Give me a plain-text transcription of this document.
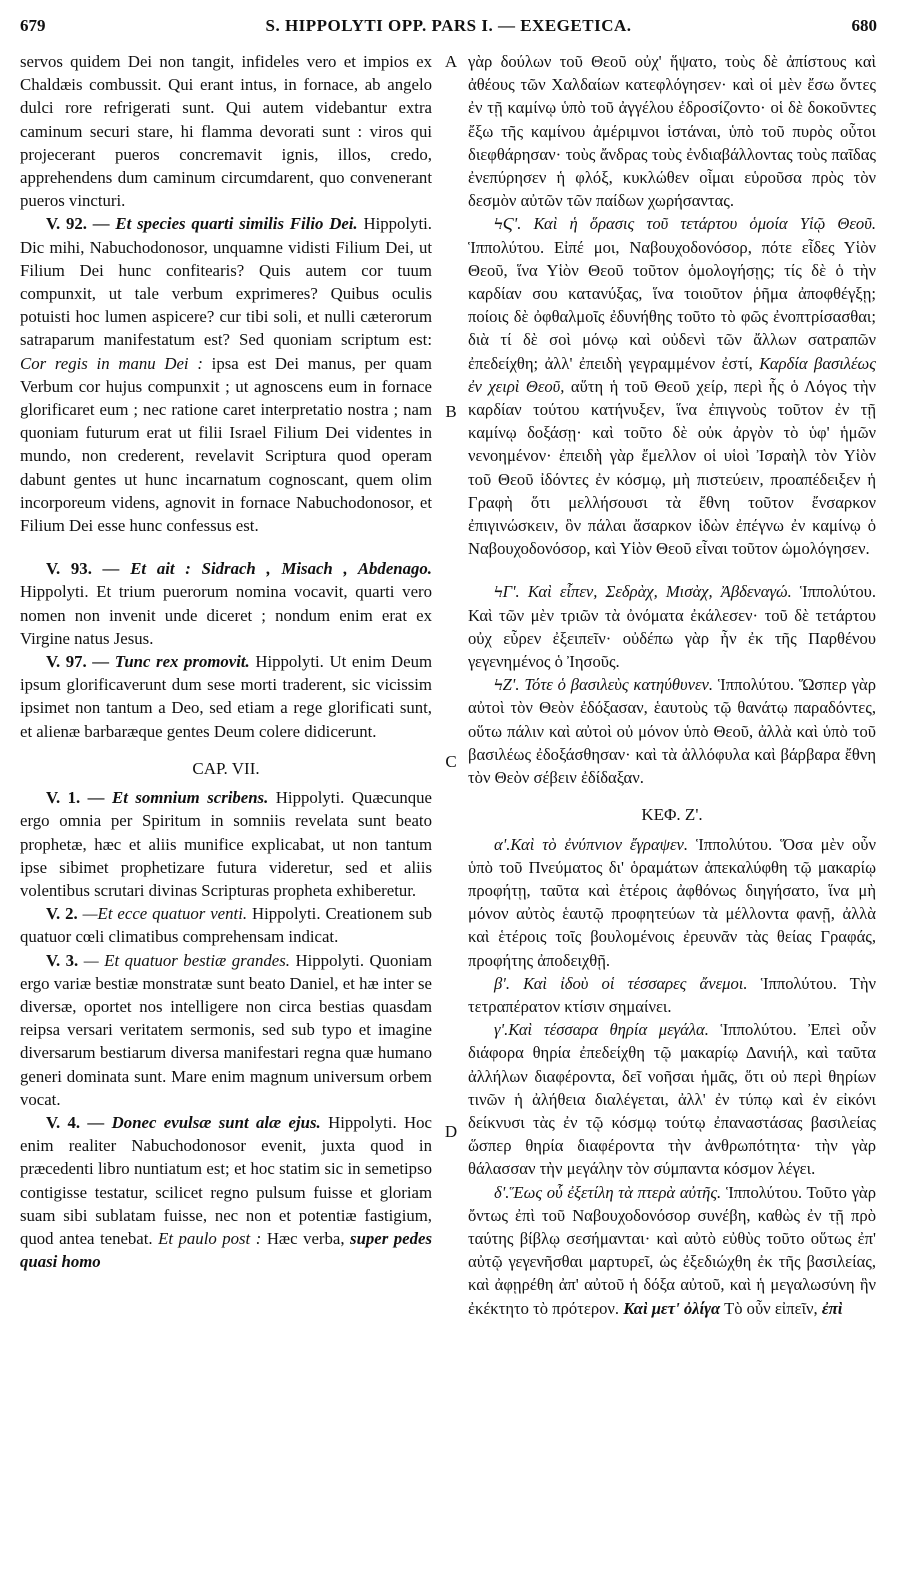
679	S. HIPPOLYTI OPP. PARS I. — EXEGETICA.	680
A
B
C
D

servos quidem Dei non tangit, infideles vero et impios ex Chaldæis combussit. Qui erant intus, in fornace, ab angelo dulci rore refrigerati sunt. Qui autem videbantur extra caminum securi stare, hi flamma devorati sunt : viros qui projecerant pueros concremavit ignis, illos, credo, apprehendens dum caminum circumdarent, quo convenerant pueros vincturi.

V. 92. — Et species quarti similis Filio Dei. Hippolyti. Dic mihi, Nabuchodonosor, unquamne vidisti Filium Dei, ut Filium Dei hunc confitearis? Quis autem cor tuum compunxit, ut tale verbum exprimeres? Quibus oculis potuisti hoc lumen aspicere? cur tibi soli, et nulli cæterorum satraparum manifestatum est? Sed quoniam scriptum est: Cor regis in manu Dei : ipsa est Dei manus, per quam Verbum cor hujus compunxit ; ut agnoscens eum in fornace glorificaret eum ; nec ratione caret interpretatio nostra ; nam quoniam futurum erat ut filii Israel Filium Dei videntes in mundo, non crederent, revelavit Scriptura quod operam dabunt gentes ut hunc incarnatum cognoscant, quem olim incorporeum videns, agnovit in fornace Nabuchodonosor, et Filium Dei esse hunc confessus est.

V. 93. — Et ait : Sidrach , Misach , Abdenago. Hippolyti. Et trium puerorum nomina vocavit, quarti vero nomen non invenit unde diceret ; nondum enim erat ex Virgine natus Jesus.

V. 97. — Tunc rex promovit. Hippolyti. Ut enim Deum ipsum glorificaverunt dum sese morti traderent, sic vicissim ipsimet non tantum a Deo, sed etiam a rege glorificati sunt, et alienæ barbaræque gentes Deum colere didicerunt.

CAP. VII.

V. 1. — Et somnium scribens. Hippolyti. Quæcunque ergo omnia per Spiritum in somniis revelata sunt beato prophetæ, hæc et aliis munifice explicabat, ut non tantum ipse sibimet prophetizare futura videretur, sed et aliis volentibus scrutari divinas Scripturas propheta exhiberetur.

V. 2. —Et ecce quatuor venti. Hippolyti. Creationem sub quatuor cœli climatibus comprehensam indicat.

V. 3. — Et quatuor bestiæ grandes. Hippolyti. Quoniam ergo variæ bestiæ monstratæ sunt beato Daniel, et hæ inter se diversæ, oportet nos intelligere non circa bestias quasdam reipsa versari veritatem sermonis, sed sub typo et imagine diversarum bestiarum diversa manifestari regna quæ humano generi dominata sunt. Mare enim magnum universum orbem vocat.

V. 4. — Donec evulsæ sunt alæ ejus. Hippolyti. Hoc enim realiter Nabuchodonosor evenit, juxta quod in præcedenti libro nuntiatum est; et hoc statim sic in semetipso contigisse testatur, scilicet regno pulsum fuisse et gloriam suam sibi sublatam fuisse, nec non et potentiæ fastigium, quod antea tenebat. Et paulo post : Hæc verba, super pedes quasi homo

γὰρ δούλων τοῦ Θεοῦ οὐχ' ἥψατο, τοὺς δὲ ἀπίστους καὶ ἀθέους τῶν Χαλδαίων κατεφλόγησεν· καὶ οἱ μὲν ἔσω ὄντες ἐν τῇ καμίνῳ ὑπὸ τοῦ ἀγγέλου ἐδροσίζοντο· οἱ δὲ δοκοῦντες ἔξω τῆς καμίνου ἀμέριμνοι ἱστάναι, ὑπὸ τοῦ πυρὸς οὗτοι διεφθάρησαν· τοὺς ἄνδρας τοὺς ἐνδιαβάλλοντας τοὺς παῖδας ἐνεπύρησεν ἡ φλόξ, κυκλώθεν οἶμαι εὑροῦσα πρὸς τὸν δεσμὸν αὐτῶν τῶν παίδων χωρήσαντας.

ϞϚ'. Καὶ ἡ ὅρασις τοῦ τετάρτου ὁμοία Υἱῷ Θεοῦ. Ἱππολύτου. Εἰπέ μοι, Ναβουχοδονόσορ, πότε εἶδες Υἱὸν Θεοῦ, ἵνα Υἱὸν Θεοῦ τοῦτον ὁμολογήσῃς; τίς δὲ ὁ τὴν καρδίαν σου κατανύξας, ἵνα τοιοῦτον ῥῆμα ἀποφθέγξῃ; ποίοις δὲ ὀφθαλμοῖς ἐδυνήθης τοῦτο τὸ φῶς ἐνοπτρίσασθαι; διὰ τί δὲ σοὶ μόνῳ καὶ οὐδενὶ τῶν ἄλλων σατραπῶν ἐπεδείχθη; ἀλλ' ἐπειδὴ γεγραμμένον ἐστί, Καρδία βασιλέως ἐν χειρὶ Θεοῦ, αὕτη ἡ τοῦ Θεοῦ χείρ, περὶ ἧς ὁ Λόγος τὴν καρδίαν τούτου κατήνυξεν, ἵνα ἐπιγνοὺς τοῦτον ἐν τῇ καμίνῳ δοξάσῃ· καὶ τοῦτο δὲ οὐκ ἀργὸν τὸ ὑφ' ἡμῶν νενοημένον· ἐπειδὴ γὰρ ἔμελλον οἱ υἱοὶ Ἰσραὴλ τὸν Υἱὸν τοῦ Θεοῦ ἰδόντες ἐν κόσμῳ, μὴ πιστεύειν, προαπέδειξεν ἡ Γραφὴ ὅτι μελλήσουσι τὰ ἔθνη τοῦτον ἔνσαρκον ἐπιγινώσκειν, ὃν πάλαι ἄσαρκον ἰδὼν ἐπέγνω ἐν καμίνῳ ὁ Ναβουχοδονόσορ, καὶ Υἱὸν Θεοῦ εἶναι τοῦτον ὡμολόγησεν.

ϞΓ'. Καὶ εἶπεν, Σεδρὰχ, Μισὰχ, Ἀβδεναγώ. Ἱππολύτου. Καὶ τῶν μὲν τριῶν τὰ ὀνόματα ἐκάλεσεν· τοῦ δὲ τετάρτου οὐχ εὗρεν ἐξειπεῖν· οὐδέπω γὰρ ἦν ἐκ τῆς Παρθένου γεγενημένος ὁ Ἰησοῦς.

ϞΖ'. Τότε ὁ βασιλεὺς κατηύθυνεν. Ἱππολύτου. Ὥσπερ γὰρ αὐτοὶ τὸν Θεὸν ἐδόξασαν, ἑαυτοὺς τῷ θανάτῳ παραδόντες, οὕτω πάλιν καὶ αὐτοὶ οὐ μόνον ὑπὸ Θεοῦ, ἀλλὰ καὶ ὑπὸ τοῦ βασιλέως ἐδοξάσθησαν· καὶ τὰ ἀλλόφυλα καὶ βάρβαρα ἔθνη τὸν Θεὸν σέβειν ἐδίδαξαν.

ΚΕΦ. Ζ'.

α'.Καὶ τὸ ἐνύπνιον ἔγραψεν. Ἱππολύτου. Ὅσα μὲν οὖν ὑπὸ τοῦ Πνεύματος δι' ὁραμάτων ἀπεκαλύφθη τῷ μακαρίῳ προφήτῃ, ταῦτα καὶ ἑτέροις ἀφθόνως διηγήσατο, ἵνα μὴ μόνον αὐτὸς ἑαυτῷ προφητεύων τὰ μέλλοντα φανῇ, ἀλλὰ καὶ ἑτέροις τοῖς βουλομένοις ἐρευνᾶν τὰς θείας Γραφάς, προφήτης ἀποδειχθῇ.

β'. Καὶ ἰδοὺ οἱ τέσσαρες ἄνεμοι. Ἱππολύτου. Τὴν τετραπέρατον κτίσιν σημαίνει.

γ'.Καὶ τέσσαρα θηρία μεγάλα. Ἱππολύτου. Ἐπεὶ οὖν διάφορα θηρία ἐπεδείχθη τῷ μακαρίῳ Δανιήλ, καὶ ταῦτα ἀλλήλων διαφέροντα, δεῖ νοῆσαι ἡμᾶς, ὅτι οὐ περὶ θηρίων τινῶν ἡ ἀλήθεια διαλέγεται, ἀλλ' ἐν τύπῳ καὶ ἐν εἰκόνι δείκνυσι τὰς ἐν τῷ κόσμῳ τούτῳ ἐπαναστάσας βασιλείας ὥσπερ θηρία διαφέροντα τὴν ἀνθρωπότητα· τὴν γὰρ θάλασσαν τὴν μεγάλην τὸν σύμπαντα κόσμον λέγει.

δ'.Ἕως οὗ ἐξετίλη τὰ πτερὰ αὐτῆς. Ἱππολύτου. Τοῦτο γὰρ ὄντως ἐπὶ τοῦ Ναβουχοδονόσορ συνέβη, καθὼς ἐν τῇ πρὸ ταύτης βίβλῳ σεσήμανται· καὶ αὐτὸ εὐθὺς τοῦτο οὕτως ἐπ' αὐτῷ γεγενῆσθαι μαρτυρεῖ, ὡς ἐξεδιώχθη ἐκ τῆς βασιλείας, καὶ ἀφῃρέθη ἀπ' αὐτοῦ ἡ δόξα αὐτοῦ, καὶ ἡ μεγαλωσύνη ἣν ἐκέκτητο τὸ πρότερον. Καὶ μετ' ὀλίγα Τὸ οὖν εἰπεῖν, ἐπὶ
